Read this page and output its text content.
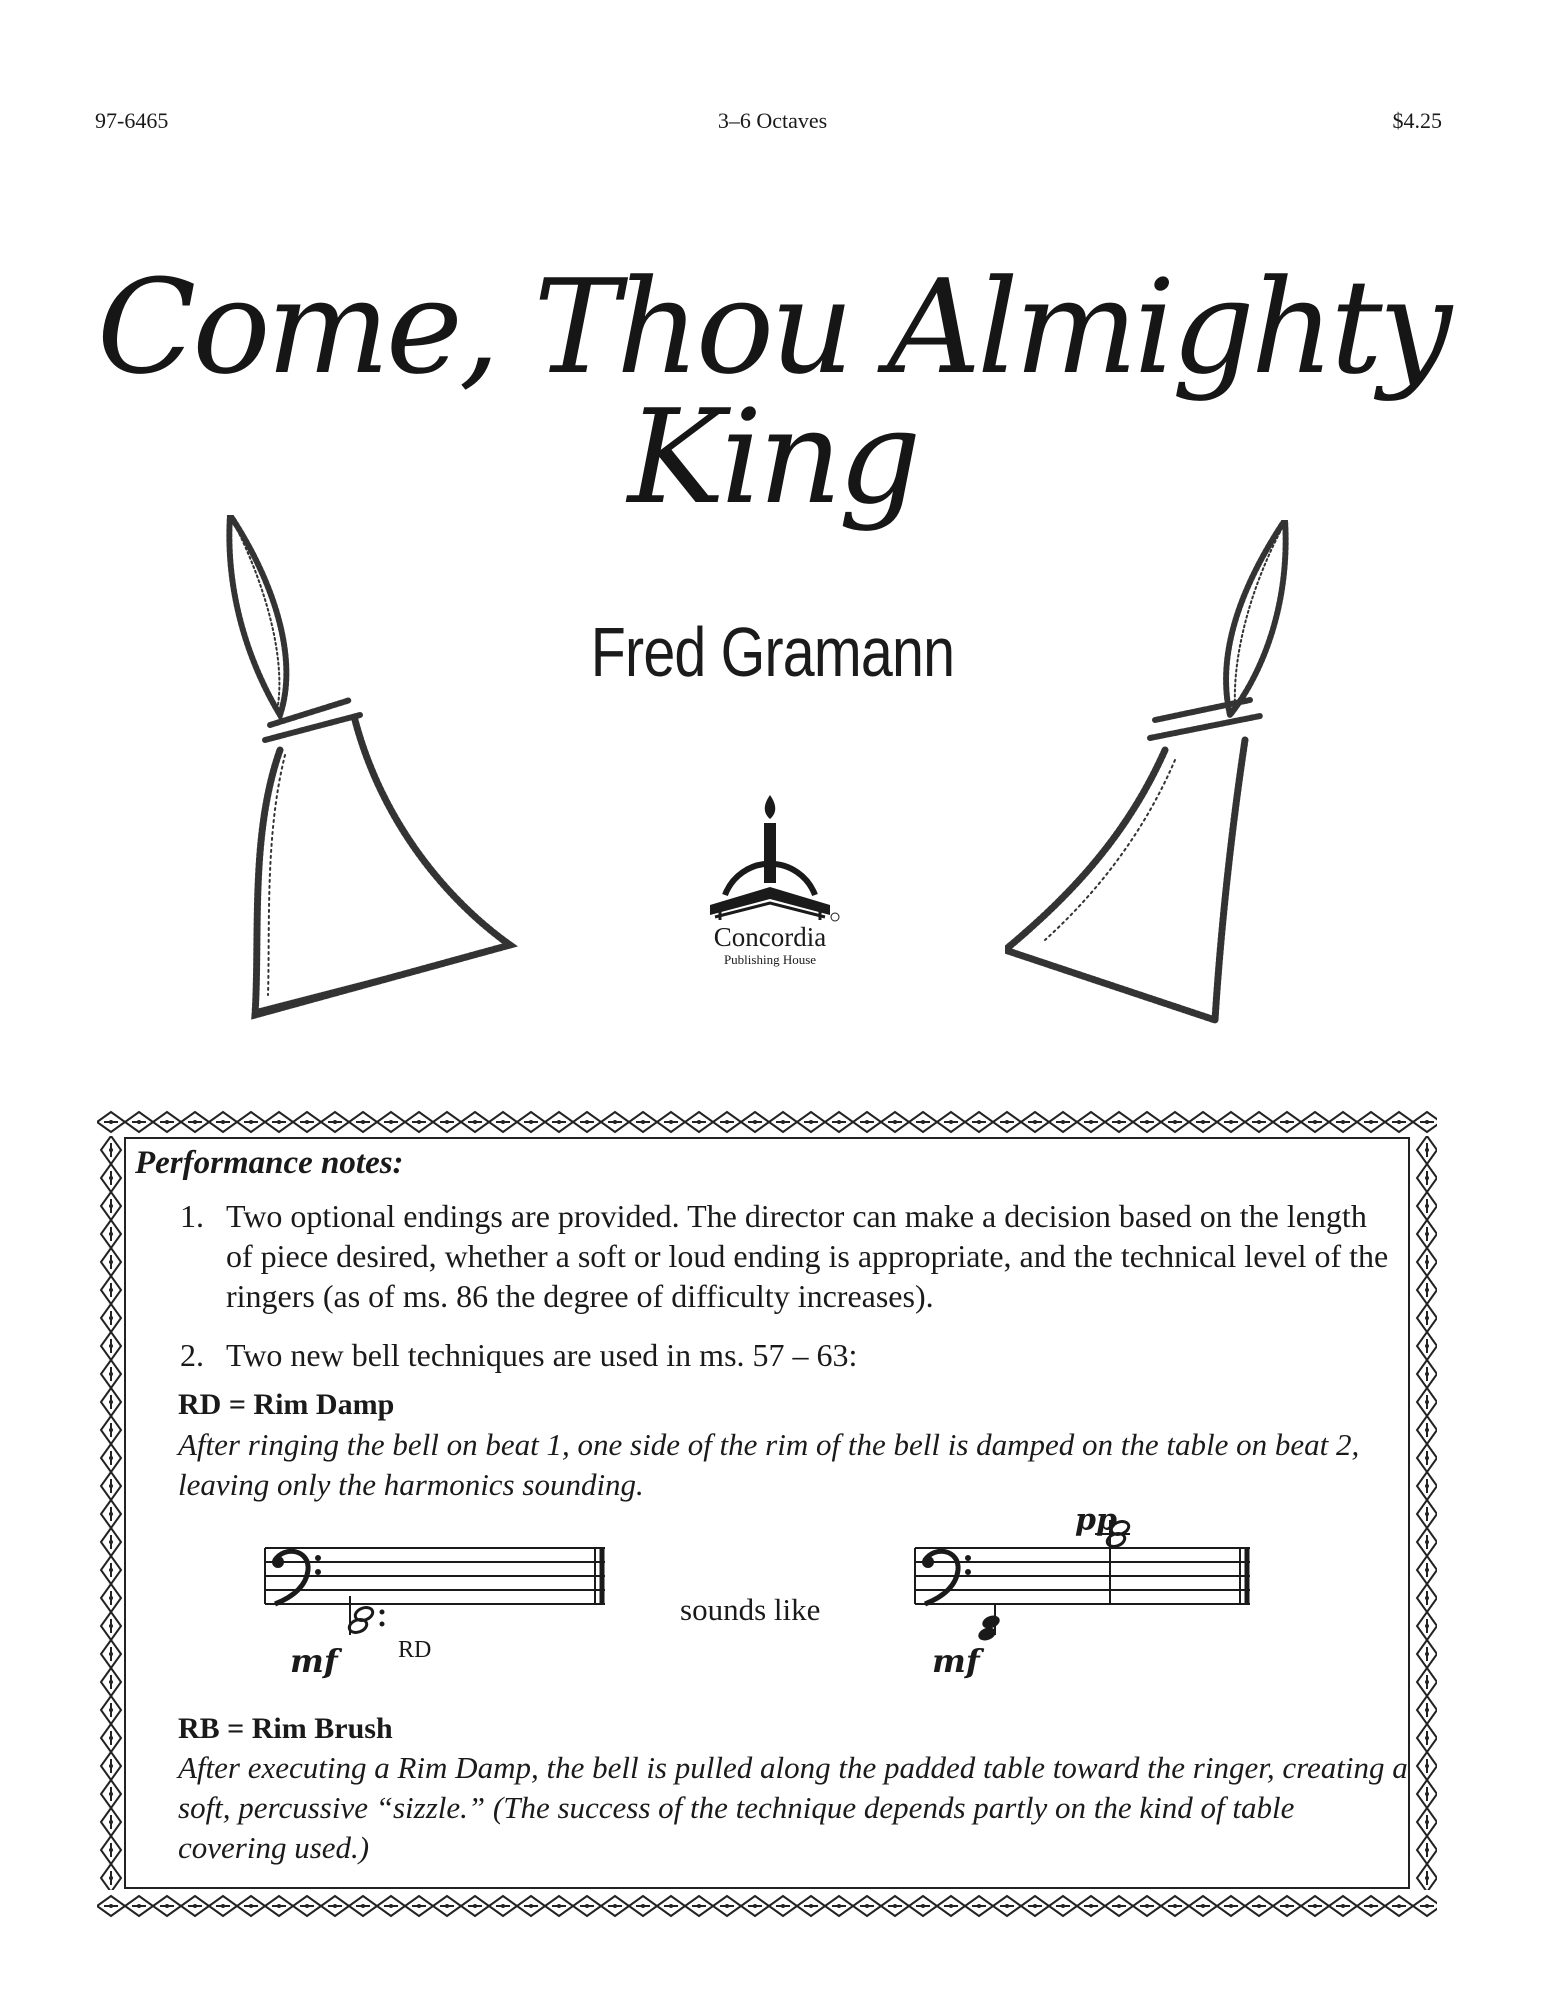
97-6465	3–6 Octaves	$4.25
Come, Thou Almighty King
Fred Gramann
Concordia
Publishing House
Performance notes:
1. Two optional endings are provided. The director can make a decision based on the length of piece desired, whether a soft or loud ending is appropriate, and the technical level of the ringers (as of ms. 86 the degree of difficulty increases).
2. Two new bell techniques are used in ms. 57 – 63:
RD = Rim Damp
After ringing the bell on beat 1, one side of the rim of the bell is damped on the table on beat 2, leaving only the harmonics sounding.
mf	mf
pp
sounds like
RD
RB = Rim Brush
After executing a Rim Damp, the bell is pulled along the padded table toward the ringer, creating a soft, percussive “sizzle.” (The success of the technique depends partly on the kind of table covering used.)
